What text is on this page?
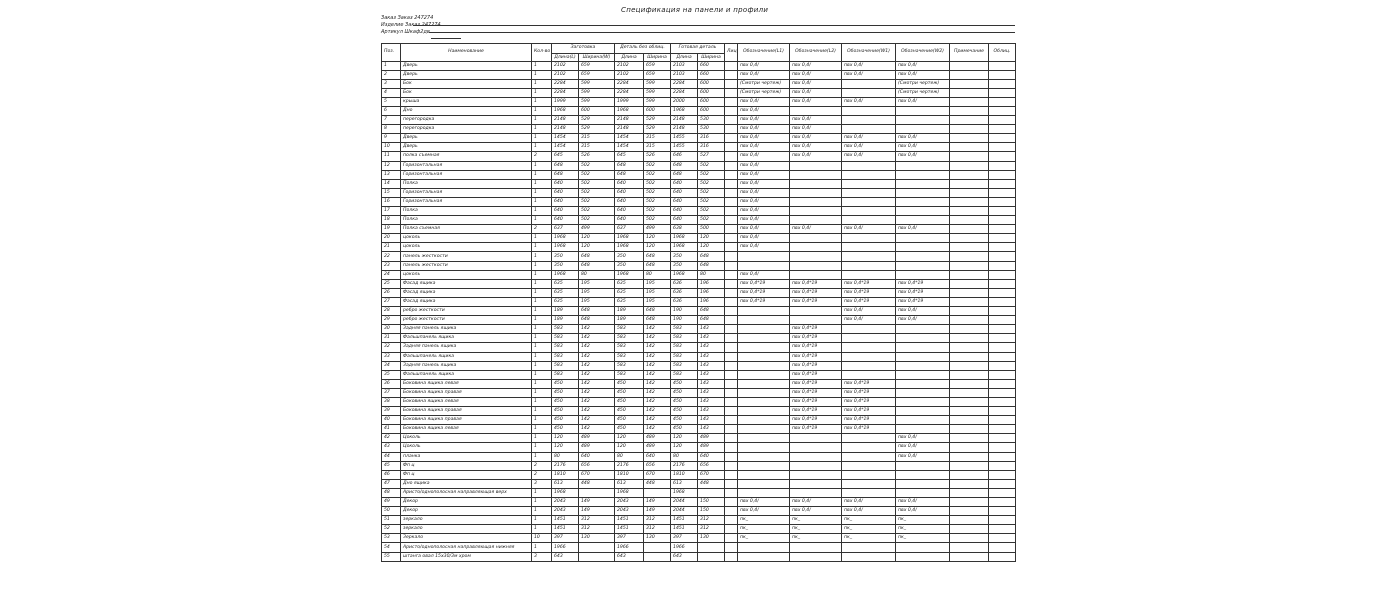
Спецификация на панели и профили
Заказ Заказ 247274
Изделие Заказ 247274
Артикул Шкаф2дв
Поз.	Наименование	Кол-во	Заготовка		Деталь без облиц.		Готовая деталь		Лиц	Обозначение(L1)	Обозначение(L2)	Обозначение(W1)	Обозначение(W2)	Примечание	Облиц.
			Длина(L)	Ширина(W)	Длина	Ширина	Длина	Ширина							
1	Дверь	1	2102	659	2102	659	2103	660		пвх 0,4/	пвх 0,4/	пвх 0,4/	пвх 0,4/		
2	Дверь	1	2102	659	2102	659	2103	660		пвх 0,4/	пвх 0,4/	пвх 0,4/	пвх 0,4/		
3	Бок	1	2284	599	2284	599	2284	600		(Смотри чертеж)	пвх 0,4/		(Смотри чертеж)		
4	Бок	1	2284	599	2284	599	2284	600		(Смотри чертеж)	пвх 0,4/		(Смотри чертеж)		
5	крыша	1	1999	599	1999	599	2000	600		пвх 0,4/	пвх 0,4/	пвх 0,4/	пвх 0,4/		
6	Дно	1	1968	600	1968	600	1968	600		пвх 0,4/					
7	перегородка	1	2148	529	2148	529	2148	530		пвх 0,4/	пвх 0,4/				
8	перегородка	1	2148	529	2148	529	2148	530		пвх 0,4/	пвх 0,4/				
9	Дверь	1	1454	315	1454	315	1455	316		пвх 0,4/	пвх 0,4/	пвх 0,4/	пвх 0,4/		
10	Дверь	1	1454	315	1454	315	1455	316		пвх 0,4/	пвх 0,4/	пвх 0,4/	пвх 0,4/		
11	полка съемная	2	645	526	645	526	646	527		пвх 0,4/	пвх 0,4/	пвх 0,4/	пвх 0,4/		
12	Горизонтальная	1	648	502	648	502	648	502		пвх 0,4/					
13	Горизонтальная	1	648	502	648	502	648	502		пвх 0,4/					
14	Полка	1	640	502	640	502	640	502		пвх 0,4/					
15	Горизонтальная	1	640	502	640	502	640	502		пвх 0,4/					
16	Горизонтальная	1	640	502	640	502	640	502		пвх 0,4/					
17	Полка	1	640	502	640	502	640	502		пвх 0,4/					
18	Полка	1	640	502	640	502	640	502		пвх 0,4/					
19	Полка съемная	2	637	499	637	499	638	500		пвх 0,4/	пвх 0,4/	пвх 0,4/	пвх 0,4/		
20	цоколь	1	1968	120	1968	120	1968	120		пвх 0,4/					
21	цоколь	1	1968	120	1968	120	1968	120		пвх 0,4/					
22	панель жесткости	1	350	648	350	648	350	648							
23	панель жесткости	1	350	648	350	648	350	648							
24	цоколь	1	1968	80	1968	80	1968	80		пвх 0,4/					
25	Фасад ящика	1	635	195	635	195	636	196		пвх 0,4*19	пвх 0,4*19	пвх 0,4*19	пвх 0,4*19		
26	Фасад ящика	1	635	195	635	195	636	196		пвх 0,4*19	пвх 0,4*19	пвх 0,4*19	пвх 0,4*19		
27	Фасад ящика	1	635	195	635	195	636	196		пвх 0,4*19	пвх 0,4*19	пвх 0,4*19	пвх 0,4*19		
28	ребро жесткости	1	189	648	189	648	190	648				пвх 0,4/	пвх 0,4/		
29	ребро жесткости	1	189	648	189	648	190	648				пвх 0,4/	пвх 0,4/		
30	Задняя панель ящика	1	583	142	583	142	583	143			пвх 0,4*19				
31	Фальшпанель ящика	1	583	142	583	142	583	143			пвх 0,4*19				
32	Задняя панель ящика	1	583	142	583	142	583	143			пвх 0,4*19				
33	Фальшпанель ящика	1	583	142	583	142	583	143			пвх 0,4*19				
34	Задняя панель ящика	1	583	142	583	142	583	143			пвх 0,4*19				
35	Фальшпанель ящика	1	583	142	583	142	583	143			пвх 0,4*19				
36	Боковина ящика левая	1	450	142	450	142	450	143			пвх 0,4*19	пвх 0,4*19			
37	Боковина ящика правая	1	450	142	450	142	450	143			пвх 0,4*19	пвх 0,4*19			
38	Боковина ящика левая	1	450	142	450	142	450	143			пвх 0,4*19	пвх 0,4*19			
39	Боковина ящика правая	1	450	142	450	142	450	143			пвх 0,4*19	пвх 0,4*19			
40	Боковина ящика правая	1	450	142	450	142	450	143			пвх 0,4*19	пвх 0,4*19			
41	Боковина ящика левая	1	450	142	450	142	450	143			пвх 0,4*19	пвх 0,4*19			
42	Цоколь	1	120	489	120	489	120	489					пвх 0,4/		
43	Цоколь	1	120	489	120	489	120	489					пвх 0,4/		
44	планка	1	80	640	80	640	80	640					пвх 0,4/		
45	Фп ц	2	2176	656	2176	656	2176	656							
46	Фп ц	2	1810	670	1810	670	1810	670							
47	Дно ящика	3	613	448	613	448	613	448							
48	Аристо/однополосная направляющая верх	1	1968		1968		1968								
49	Декор	1	2043	149	2043	149	2044	150		пвх 0,4/	пвх 0,4/	пвх 0,4/	пвх 0,4/		
50	Декор	1	2043	149	2043	149	2044	150		пвх 0,4/	пвх 0,4/	пвх 0,4/	пвх 0,4/		
51	зеркало	1	1451	312	1451	312	1451	312		пк_	пк_	пк_	пк_		
52	зеркало	1	1451	312	1451	312	1451	312		пк_	пк_	пк_	пк_		
53	Зеркало	10	397	130	397	130	397	130		пк_	пк_	пк_	пк_		
54	Аристо/однополосная направляющая нижняя	1	1966		1966		1966								
55	штанга овал 15х30/3м хром	3	643		643		643								
